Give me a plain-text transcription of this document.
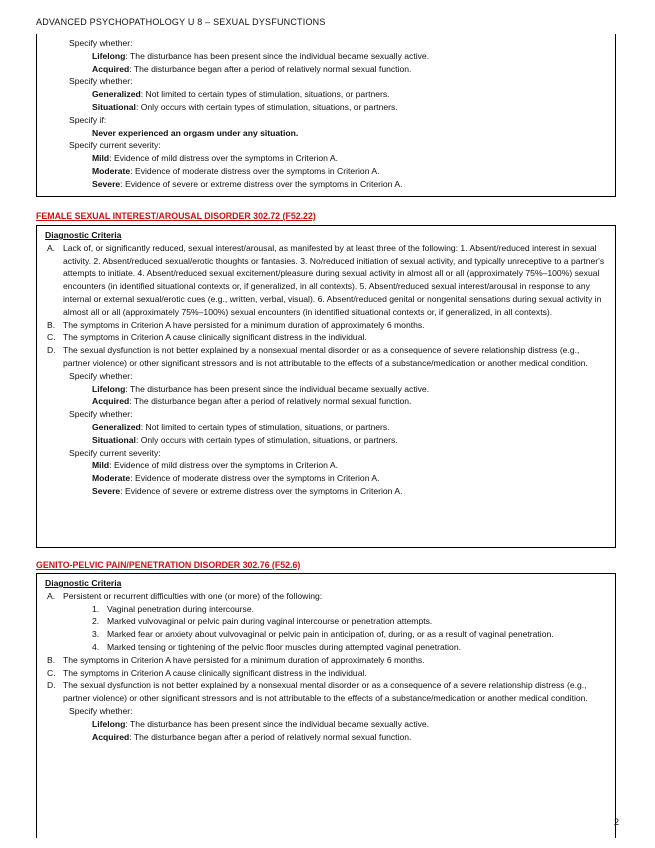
ADVANCED PSYCHOPATHOLOGY U 8 – SEXUAL DYSFUNCTIONS
Specify whether:
Lifelong: The disturbance has been present since the individual became sexually active.
Acquired: The disturbance began after a period of relatively normal sexual function.
Specify whether:
Generalized: Not limited to certain types of stimulation, situations, or partners.
Situational: Only occurs with certain types of stimulation, situations, or partners.
Specify if:
Never experienced an orgasm under any situation.
Specify current severity:
Mild: Evidence of mild distress over the symptoms in Criterion A.
Moderate: Evidence of moderate distress over the symptoms in Criterion A.
Severe: Evidence of severe or extreme distress over the symptoms in Criterion A.
FEMALE SEXUAL INTEREST/AROUSAL DISORDER 302.72 (F52.22)
Diagnostic Criteria
A. Lack of, or significantly reduced, sexual interest/arousal, as manifested by at least three of the following: 1. Absent/reduced interest in sexual activity. 2. Absent/reduced sexual/erotic thoughts or fantasies. 3. No/reduced initiation of sexual activity, and typically unreceptive to a partner's attempts to initiate. 4. Absent/reduced sexual excitement/pleasure during sexual activity in almost all or all (approximately 75%–100%) sexual encounters (in identified situational contexts or, if generalized, in all contexts). 5. Absent/reduced sexual interest/arousal in response to any internal or external sexual/erotic cues (e.g., written, verbal, visual). 6. Absent/reduced genital or nongenital sensations during sexual activity in almost all or all (approximately 75%–100%) sexual encounters (in identified situational contexts or, if generalized, in all contexts).
B. The symptoms in Criterion A have persisted for a minimum duration of approximately 6 months.
C. The symptoms in Criterion A cause clinically significant distress in the individual.
D. The sexual dysfunction is not better explained by a nonsexual mental disorder or as a consequence of severe relationship distress (e.g., partner violence) or other significant stressors and is not attributable to the effects of a substance/medication or another medical condition.
Specify whether:
Lifelong: The disturbance has been present since the individual became sexually active.
Acquired: The disturbance began after a period of relatively normal sexual function.
Specify whether:
Generalized: Not limited to certain types of stimulation, situations, or partners.
Situational: Only occurs with certain types of stimulation, situations, or partners.
Specify current severity:
Mild: Evidence of mild distress over the symptoms in Criterion A.
Moderate: Evidence of moderate distress over the symptoms in Criterion A.
Severe: Evidence of severe or extreme distress over the symptoms in Criterion A.
GENITO-PELVIC PAIN/PENETRATION DISORDER 302.76 (F52.6)
Diagnostic Criteria
A. Persistent or recurrent difficulties with one (or more) of the following:
1. Vaginal penetration during intercourse.
2. Marked vulvovaginal or pelvic pain during vaginal intercourse or penetration attempts.
3. Marked fear or anxiety about vulvovaginal or pelvic pain in anticipation of, during, or as a result of vaginal penetration.
4. Marked tensing or tightening of the pelvic floor muscles during attempted vaginal penetration.
B. The symptoms in Criterion A have persisted for a minimum duration of approximately 6 months.
C. The symptoms in Criterion A cause clinically significant distress in the individual.
D. The sexual dysfunction is not better explained by a nonsexual mental disorder or as a consequence of a severe relationship distress (e.g., partner violence) or other significant stressors and is not attributable to the effects of a substance/medication or another medical condition.
Specify whether:
Lifelong: The disturbance has been present since the individual became sexually active.
Acquired: The disturbance began after a period of relatively normal sexual function.
2
